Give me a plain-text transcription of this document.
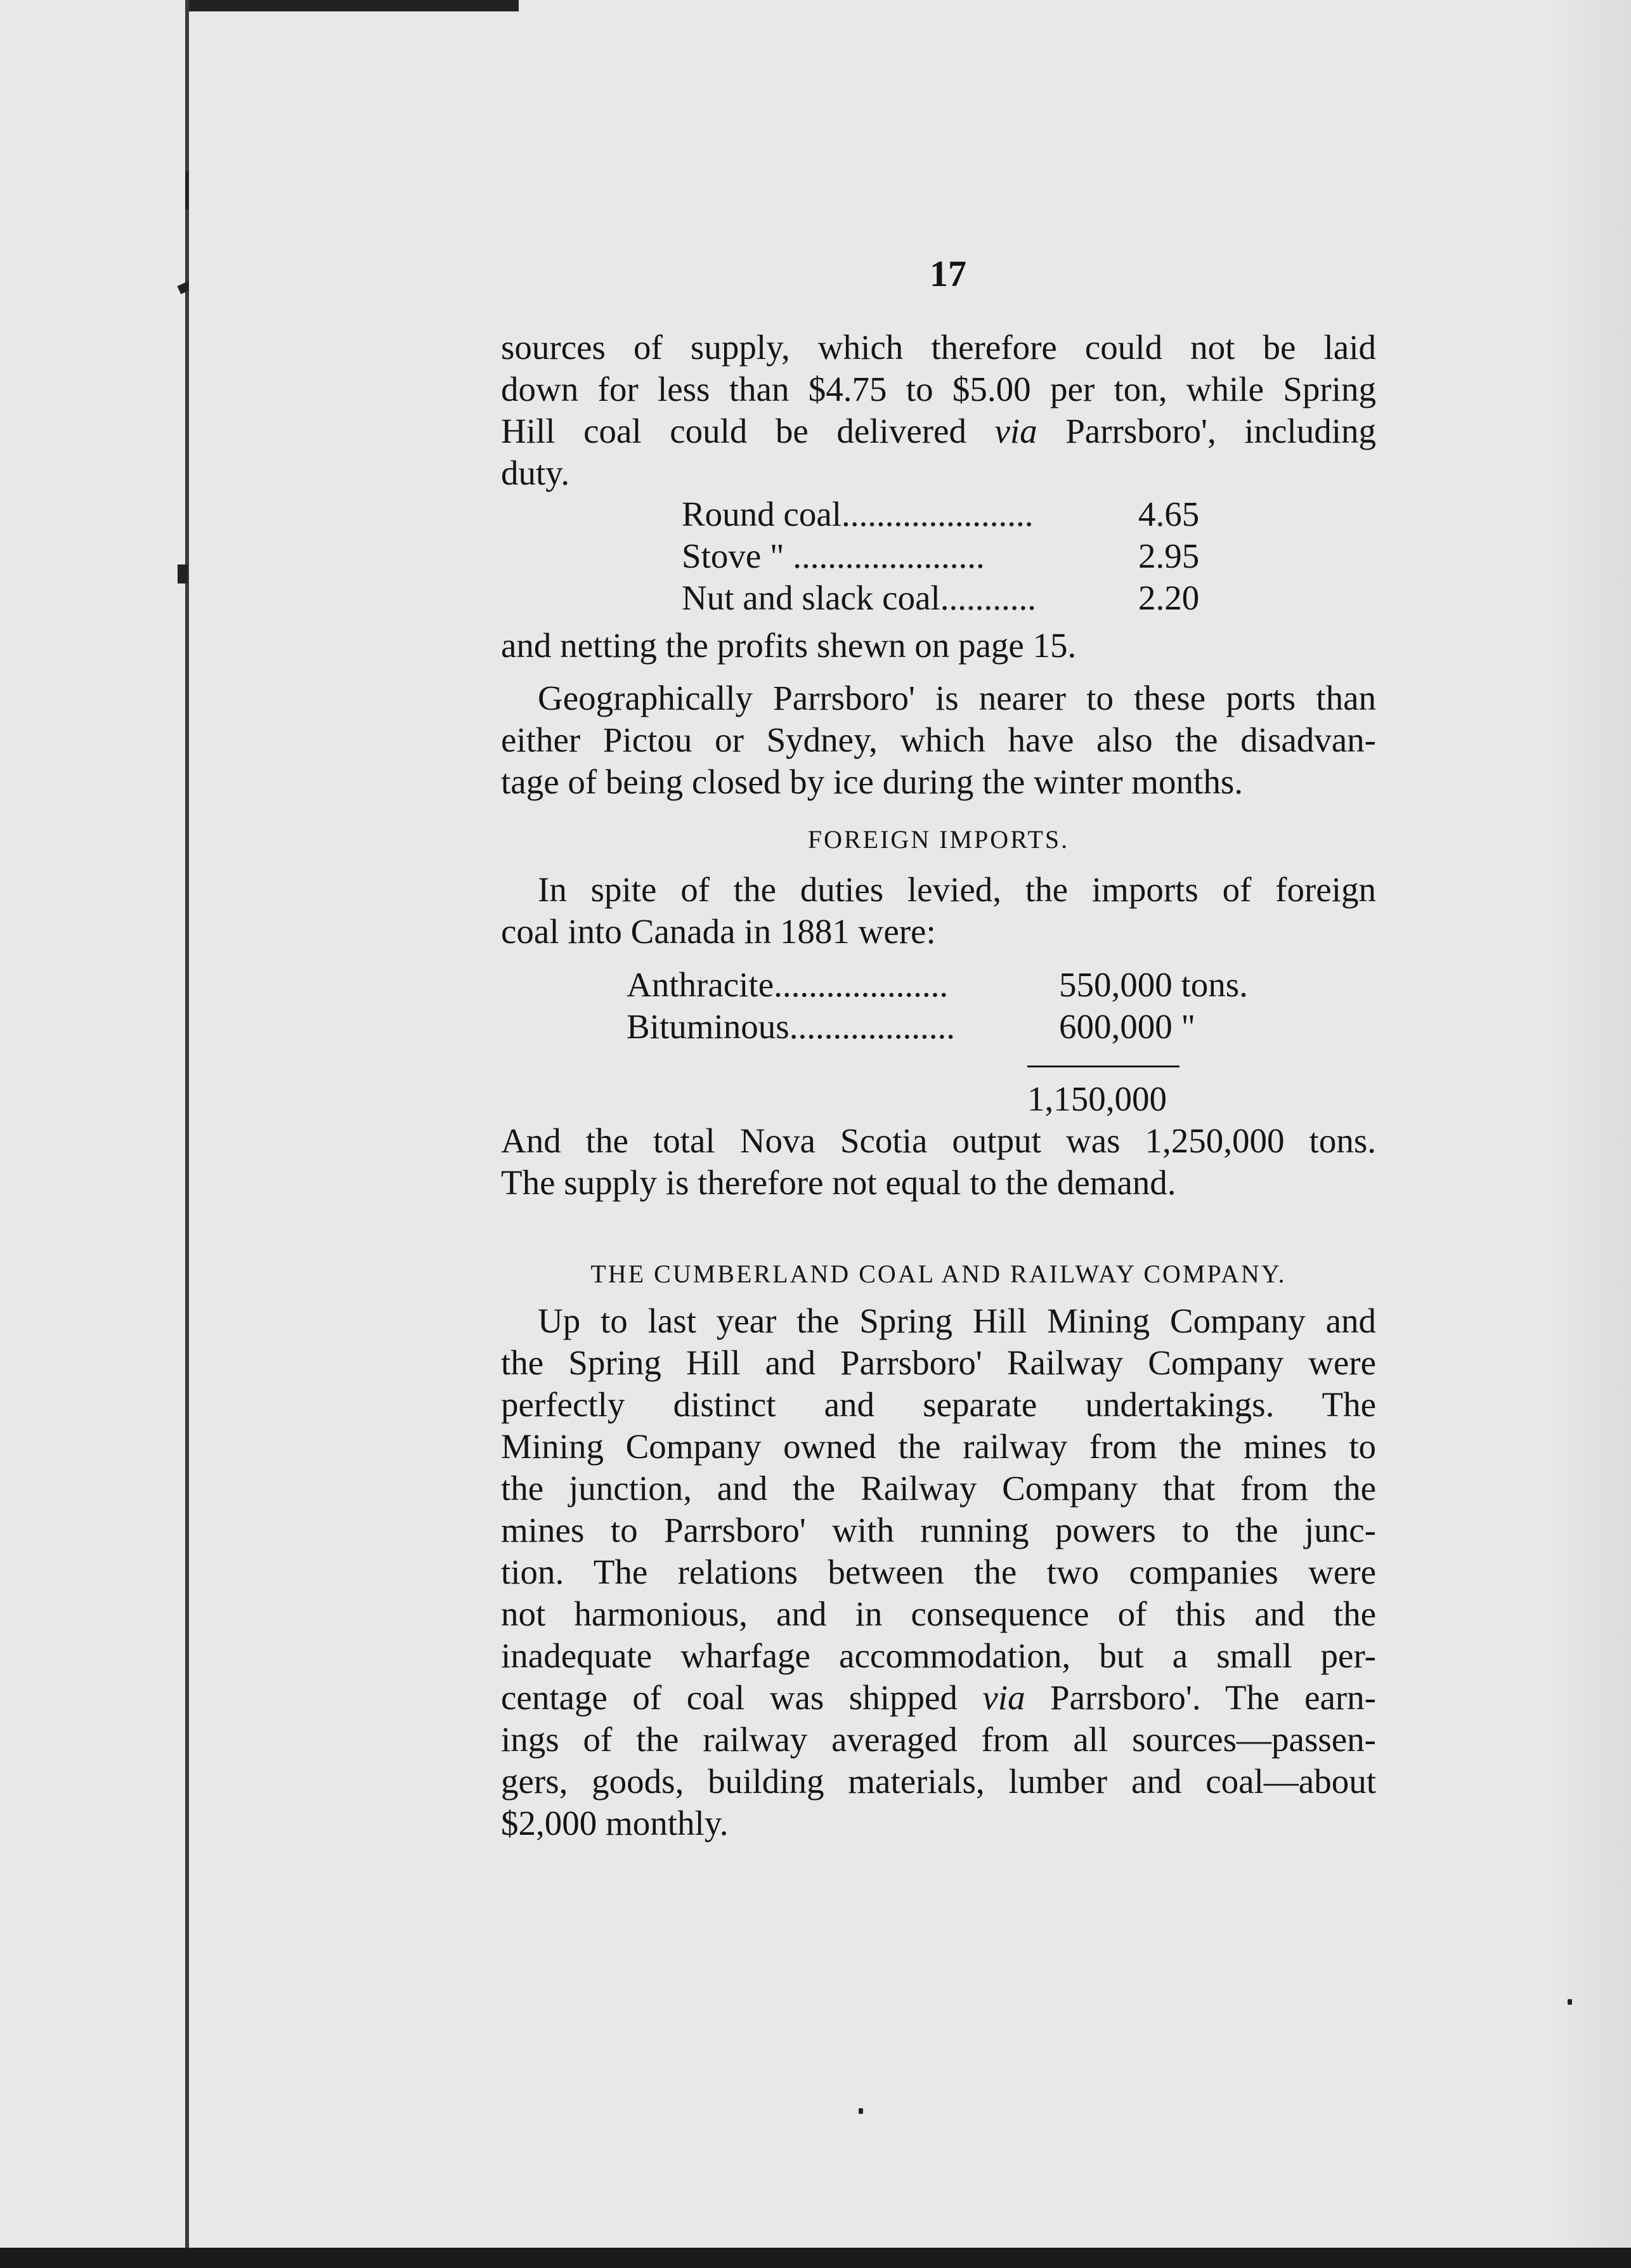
17
sources of supply, which therefore could not be laid
down for less than $4.75 to $5.00 per ton, while Spring
Hill coal could be delivered via Parrsboro', including
duty.
Round coal......................	4.65
Stove " ......................	2.95
Nut and slack coal...........	2.20
and netting the profits shewn on page 15.
Geographically Parrsboro' is nearer to these ports than
either Pictou or Sydney, which have also the disadvan-
tage of being closed by ice during the winter months.
FOREIGN IMPORTS.
In spite of the duties levied, the imports of foreign
coal into Canada in 1881 were:
Anthracite....................	550,000 tons.
Bituminous...................	600,000 "
1,150,000
And the total Nova Scotia output was 1,250,000 tons.
The supply is therefore not equal to the demand.
THE CUMBERLAND COAL AND RAILWAY COMPANY.
Up to last year the Spring Hill Mining Company and
the Spring Hill and Parrsboro' Railway Company were
perfectly distinct and separate undertakings. The
Mining Company owned the railway from the mines to
the junction, and the Railway Company that from the
mines to Parrsboro' with running powers to the junc-
tion. The relations between the two companies were
not harmonious, and in consequence of this and the
inadequate wharfage accommodation, but a small per-
centage of coal was shipped via Parrsboro'. The earn-
ings of the railway averaged from all sources—passen-
gers, goods, building materials, lumber and coal—about
$2,000 monthly.
